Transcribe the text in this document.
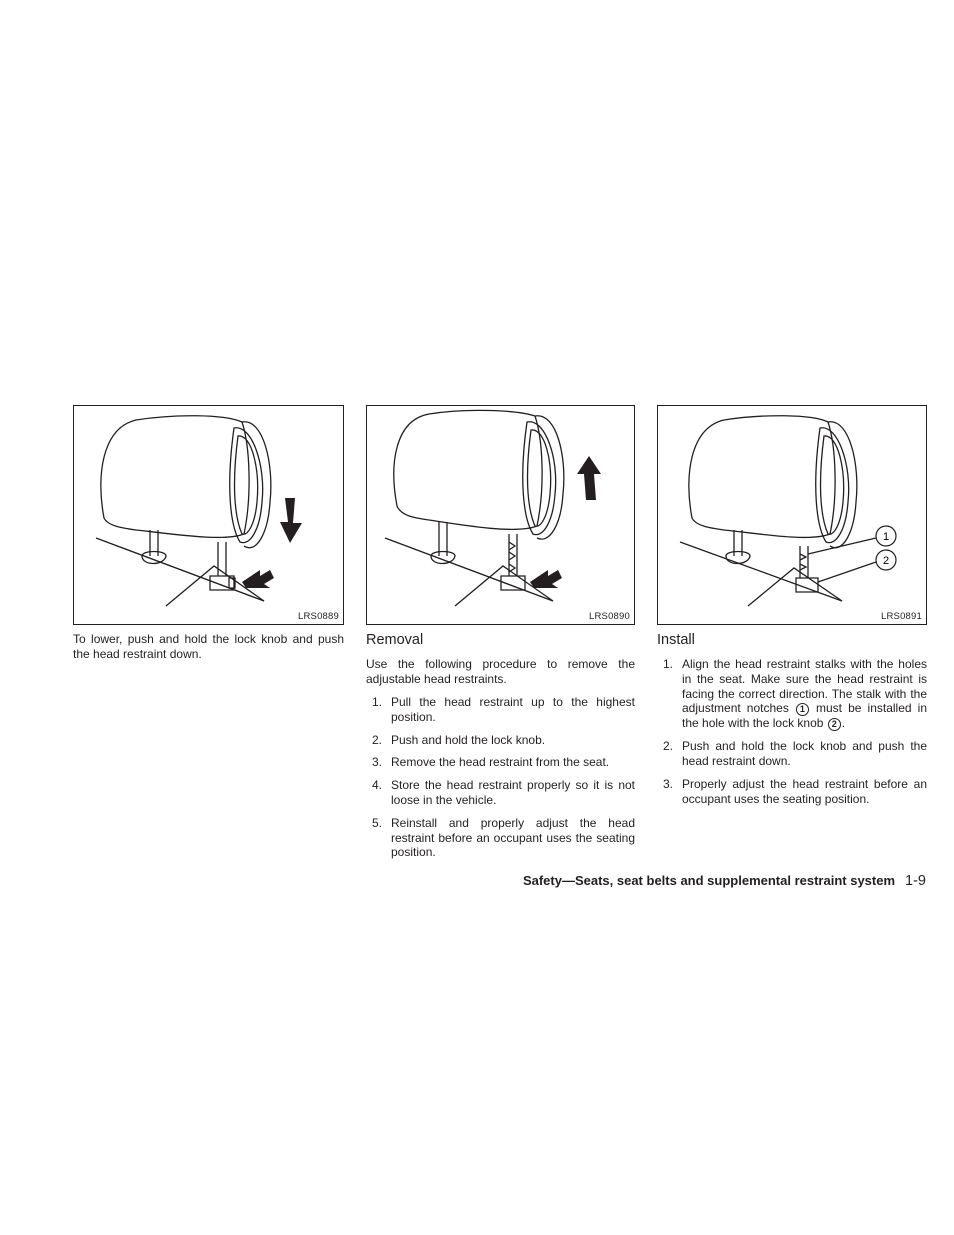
LRS0889	LRS0890
1
2
LRS0891

To lower, push and hold the lock knob and push the head restraint down.

Removal

Use the following procedure to remove the adjustable head restraints.

1. Pull the head restraint up to the highest position.
2. Push and hold the lock knob.
3. Remove the head restraint from the seat.
4. Store the head restraint properly so it is not loose in the vehicle.
5. Reinstall and properly adjust the head restraint before an occupant uses the seating position.
Install
1. Align the head restraint stalks with the holes in the seat. Make sure the head restraint is facing the correct direction. The stalk with the adjustment notches 1 must be installed in the hole with the lock knob 2 .
2. Push and hold the lock knob and push the head restraint down.
3. Properly adjust the head restraint before an occupant uses the seating position.
Safety—Seats, seat belts and supplemental restraint system 1-9
